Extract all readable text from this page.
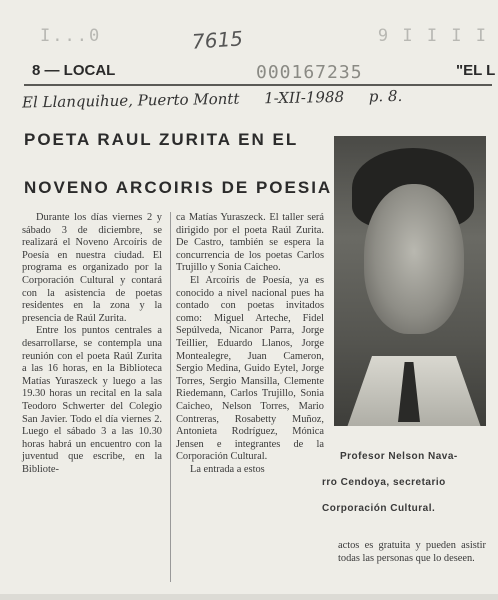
I...0	9 I I I I
7615
8 — LOCAL	"EL L
000167235
El Llanquihue, Puerto Montt 1-XII-1988 p. 8.
POETA RAUL ZURITA EN EL
NOVENO ARCOIRIS DE POESIA

Durante los días viernes 2 y sábado 3 de diciembre, se realizará el Noveno Arcoíris de Poesía en nuestra ciudad. El programa es organizado por la Corporación Cultural y contará con la asistencia de poetas residentes en la zona y la presencia de Raúl Zurita.

Entre los puntos centrales a desarrollarse, se contempla una reunión con el poeta Raúl Zurita a las 16 horas, en la Biblioteca Matías Yuraszeck y luego a las 19.30 horas un recital en la sala Teodoro Schwerter del Colegio San Javier. Todo el día viernes 2. Luego el sábado 3 a las 10.30 horas habrá un encuentro con la juventud que escribe, en la Bibliote-

ca Matías Yuraszeck. El taller será dirigido por el poeta Raúl Zurita. De Castro, también se espera la concurrencia de los poetas Carlos Trujillo y Sonia Caicheo.

El Arcoíris de Poesía, ya es conocido a nivel nacional pues ha contado con poetas invitados como: Miguel Arteche, Fidel Sepúlveda, Nicanor Parra, Jorge Teillier, Eduardo Llanos, Jorge Montealegre, Juan Cameron, Sergio Medina, Guido Eytel, Jorge Torres, Sergio Mansilla, Clemente Riedemann, Carlos Trujillo, Sonia Caicheo, Nelson Torres, Mario Contreras, Rosabetty Muñoz, Antonieta Rodríguez, Mónica Jensen e integrantes de la Corporación Cultural.

La entrada a estos

Profesor Nelson Nava-
rro Cendoya, secretario
Corporación Cultural.

actos es gratuita y pueden asistir todas las personas que lo deseen.
